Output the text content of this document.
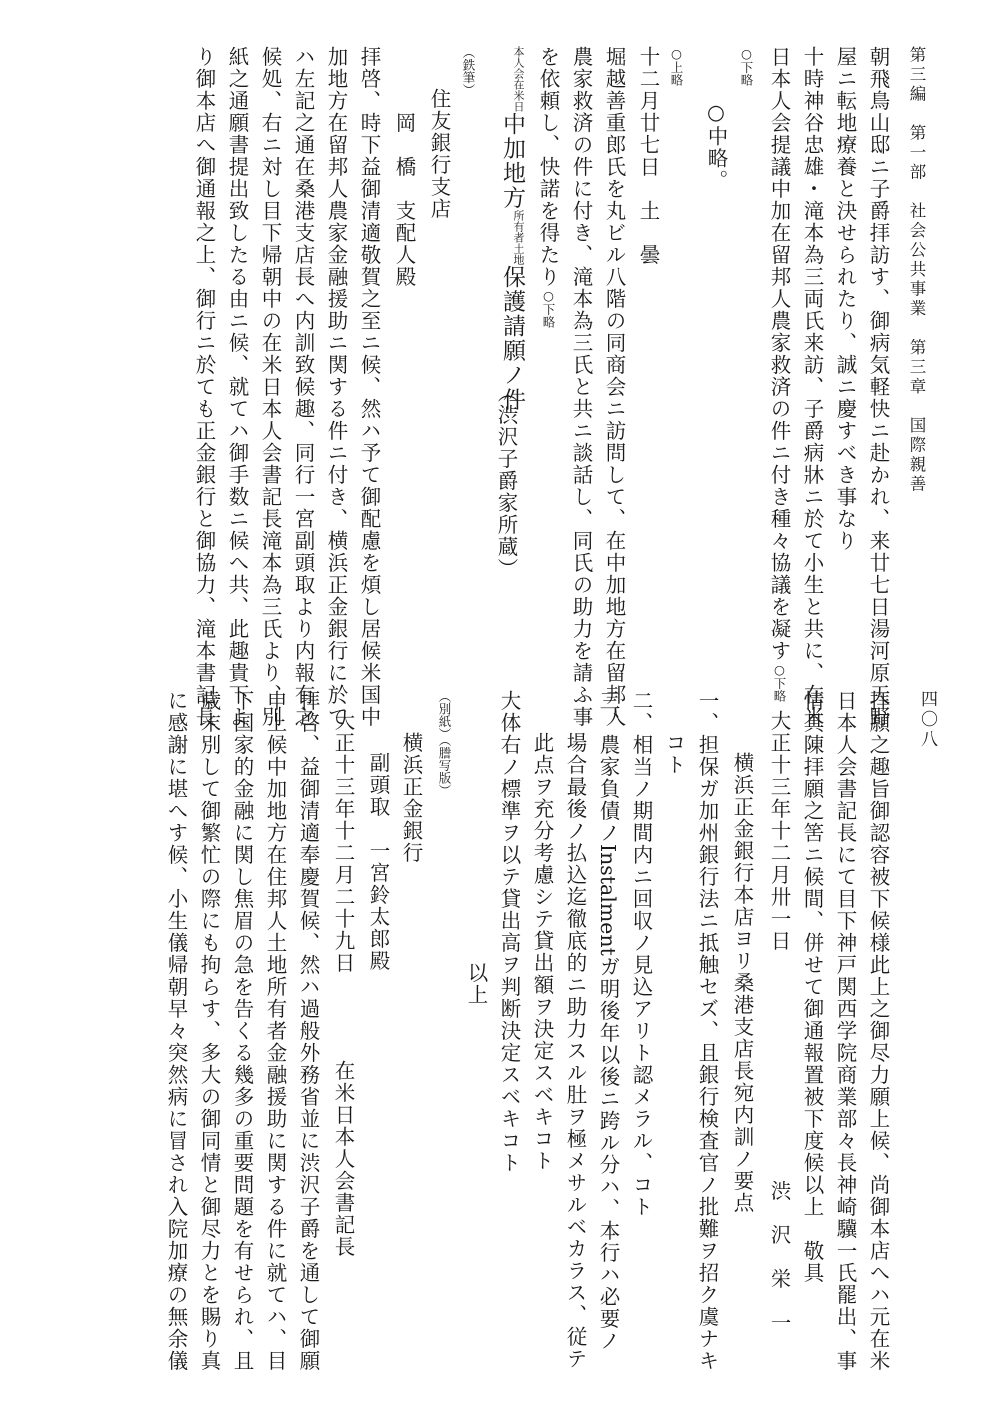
第三編　第一部　社会公共事業　第三章　国際親善
朝飛鳥山邸ニ子爵拝訪す、御病気軽快ニ赴かれ、来廿七日湯河原天野
屋ニ転地療養と決せられたり、誠ニ慶すべき事なり
十時神谷忠雄・滝本為三両氏来訪、子爵病牀ニ於て小生と共に、在米
日本人会提議中加在留邦人農家救済の件ニ付き種々協議を凝す○下略
○下略
○中略。
○上略
十二月廿七日　土　曇
堀越善重郎氏を丸ビル八階の同商会ニ訪問して、在中加地方在留邦人
農家救済の件に付き、滝本為三氏と共ニ談話し、同氏の助力を請ふ事
を依頼し、快諾を得たり○下略
在米日
本人会
中加地方
土地
所有者
保護請願ノ件
（渋沢子爵家所蔵）
（鉄筆）
住友銀行支店
岡　橋　支配人殿
拝啓、時下益御清適敬賀之至ニ候、然ハ予て御配慮を煩し居候米国中
加地方在留邦人農家金融援助ニ関する件ニ付き、横浜正金銀行に於て
ハ左記之通在桑港支店長へ内訓致候趣、同行一宮副頭取より内報有之
候処、右ニ対し目下帰朝中の在米日本人会書記長滝本為三氏より、別
紙之通願書提出致したる由ニ候、就てハ御手数ニ候へ共、此趣貴下よ
り御本店へ御通報之上、御行ニ於ても正金銀行と御協力、滝本書記長	四〇八
拝願之趣旨御認容被下候様此上之御尽力願上候、尚御本店へハ元在米
日本人会書記長にて目下神戸関西学院商業部々長神崎驥一氏罷出、事
情具陳拝願之筈ニ候間、併せて御通報置被下度候以上　敬具
大正十三年十二月卅一日
渋　沢　栄　一
横浜正金銀行本店ヨリ桑港支店長宛内訓ノ要点
一、担保ガ加州銀行法ニ抵触セズ、且銀行検査官ノ批難ヲ招ク虞ナキ
コト
二、相当ノ期間内ニ回収ノ見込アリト認メラル、コト
三、農家負債ノInstalmentガ明後年以後ニ跨ル分ハ、本行ハ必要ノ
場合最後ノ払込迄徹底的ニ助力スル肚ヲ極メサルベカラス、従テ
此点ヲ充分考慮シテ貸出額ヲ決定スベキコト
大体右ノ標準ヲ以テ貸出高ヲ判断決定スベキコト
以上
（別紙）（謄写版）
横浜正金銀行
副頭取　一宮鈴太郎殿
大正十三年十二月二十九日
在米日本人会書記長
拝啓、益御清適奉慶賀候、然ハ過般外務省並に渋沢子爵を通して御願
申上候中加地方在住邦人土地所有者金融援助に関する件に就てハ、目
下国家的金融に関し焦眉の急を告くる幾多の重要問題を有せられ、且
歳末別して御繁忙の際にも拘らす、多大の御同情と御尽力とを賜り真
に感謝に堪へす候、小生儀帰朝早々突然病に冒され入院加療の無余儀
